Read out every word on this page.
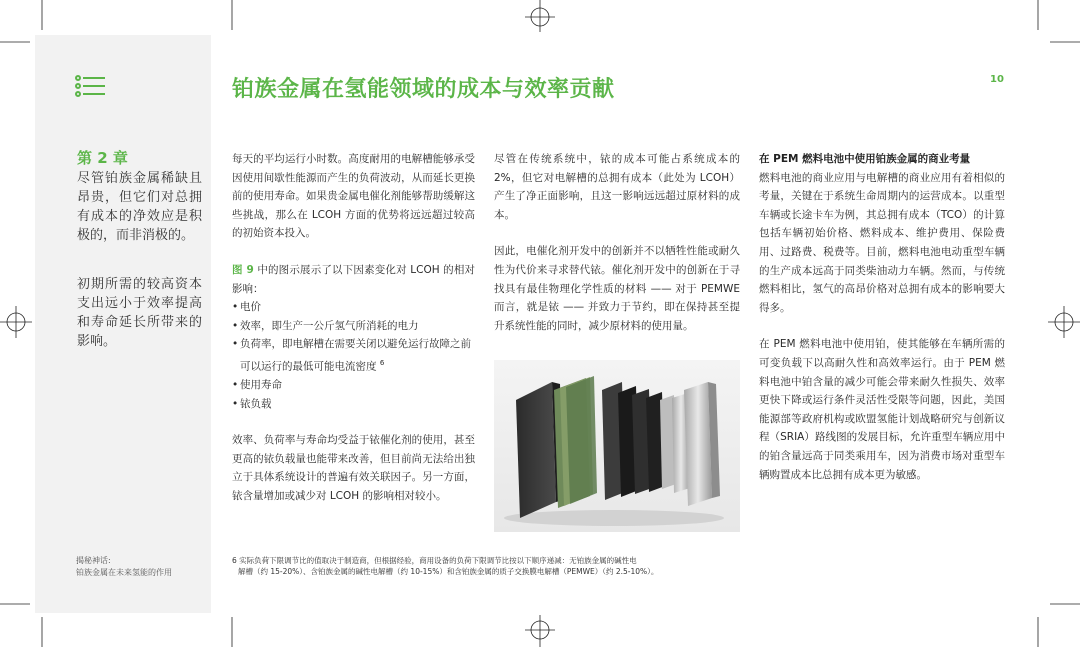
第 2 章

尽管铂族金属稀缺且昂贵，但它们对总拥有成本的净效应是积极的，而非消极的。

初期所需的较高资本支出远小于效率提高和寿命延长所带来的影响。

揭秘神话:
铂族金属在未来氢能的作用
铂族金属在氢能领域的成本与效率贡献	10

每天的平均运行小时数。高度耐用的电解槽能够承受因使用间歇性能源而产生的负荷波动，从而延长更换前的使用寿命。如果贵金属电催化剂能够帮助缓解这些挑战，那么在 LCOH 方面的优势将远远超过较高的初始资本投入。

图 9 中的图示展示了以下因素变化对 LCOH 的相对影响：

• 电价
• 效率，即生产一公斤氢气所消耗的电力
• 负荷率，即电解槽在需要关闭以避免运行故障之前可以运行的最低可能电流密度 $^6$
• 使用寿命
• 铱负载

效率、负荷率与寿命均受益于铱催化剂的使用，甚至更高的铱负载量也能带来改善，但目前尚无法给出独立于具体系统设计的普遍有效关联因子。另一方面，铱含量增加或减少对 LCOH 的影响相对较小。

尽管在传统系统中，铱的成本可能占系统成本的 2%，但它对电解槽的总拥有成本（此处为 LCOH）产生了净正面影响，且这一影响远远超过原材料的成本。

因此，电催化剂开发中的创新并不以牺牲性能或耐久性为代价来寻求替代铱。催化剂开发中的创新在于寻找具有最佳物理化学性质的材料 —— 对于 PEMWE 而言，就是铱 —— 并致力于节约，即在保持甚至提升系统性能的同时，减少原材料的使用量。

在 PEM 燃料电池中使用铂族金属的商业考量

燃料电池的商业应用与电解槽的商业应用有着相似的考量，关键在于系统生命周期内的运营成本。以重型车辆或长途卡车为例，其总拥有成本（TCO）的计算包括车辆初始价格、燃料成本、维护费用、保险费用、过路费、税费等。目前，燃料电池电动重型车辆的生产成本远高于同类柴油动力车辆。然而，与传统燃料相比，氢气的高昂价格对总拥有成本的影响要大得多。

在 PEM 燃料电池中使用铂，使其能够在车辆所需的可变负载下以高耐久性和高效率运行。由于 PEM 燃料电池中铂含量的减少可能会带来耐久性损失、效率更快下降或运行条件灵活性受限等问题，因此，美国能源部等政府机构或欧盟氢能计划战略研究与创新议程（SRIA）路线图的发展目标，允许重型车辆应用中的铂含量远高于同类乘用车，因为消费市场对重型车辆购置成本比总拥有成本更为敏感。

6 实际负荷下限调节比的值取决于制造商，但根据经验，商用设备的负荷下限调节比按以下顺序递减：无铂族金属的碱性电
解槽（约 15-20%）、含铂族金属的碱性电解槽（约 10-15%）和含铂族金属的质子交换膜电解槽（PEMWE）（约 2.5-10%）。
